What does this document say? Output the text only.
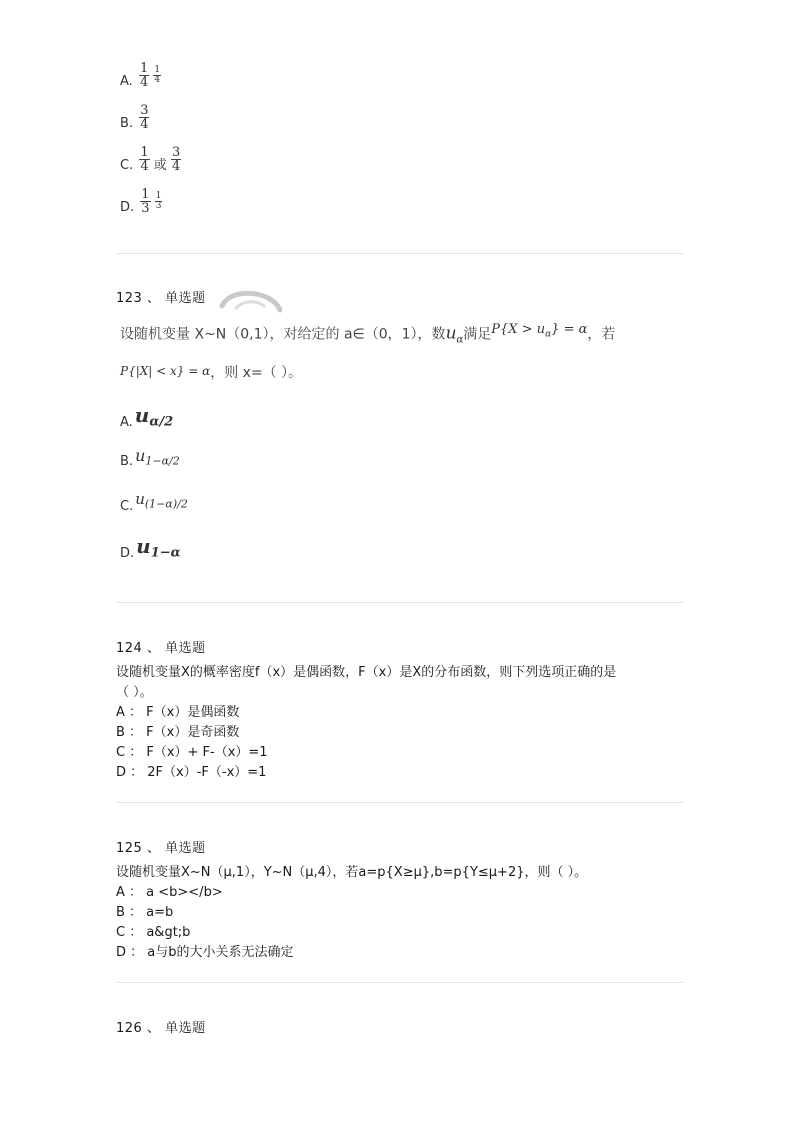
A. $\frac{1}{4}$
$\frac{1}{4}$
B. $\frac{3}{4}$
C. $\frac{1}{4}$ 或 $\frac{3}{4}$
D. $\frac{1}{3}$
$\frac{1}{3}$
123 、 单选题
设随机变量 X~N（0,1），对给定的 a∈（0，1），数$u_\alpha$满足$^{P\{X > u_\alpha\} = \alpha}$，若
P{|X| < x} = α，则 x=（ ）。
A. $u_{\alpha/2}$
B. $u_{1-\alpha/2}$
C. $u_{(1-\alpha)/2}$
D. $u_{1-\alpha}$
124 、 单选题
设随机变量X的概率密度f（x）是偶函数，F（x）是X的分布函数，则下列选项正确的是
（ ）。
A ： F（x）是偶函数
B ： F（x）是奇函数
C ： F（x）+ F-（x）=1
D ： 2F（x）-F（-x）=1
125 、 单选题
设随机变量X~N（μ,1），Y~N（μ,4），若a=p{X≥μ},b=p{Y≤μ+2}，则（ ）。
A ： a <b></b>
B ： a=b
C ： a&gt;b
D ： a与b的大小关系无法确定
126 、 单选题
